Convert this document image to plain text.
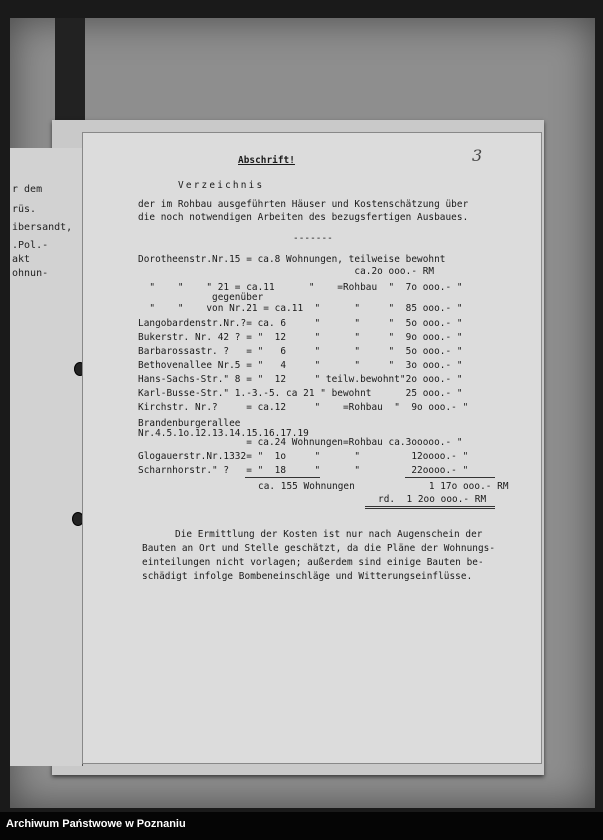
r dem
rüs.
ibersandt,
.Pol.-
akt
ohnun-
3
Abschrift!
Verzeichnis
der im Rohbau ausgeführten Häuser und Kostenschätzung über
die noch notwendigen Arbeiten des bezugsfertigen Ausbaues.
-------
Dorotheenstr.Nr.15 = ca.8 Wohnungen, teilweise bewohnt
ca.2o ooo.- RM
"    "    " 21 = ca.11      "    =Rohbau  "  7o ooo.- "
gegenüber
"    "    von Nr.21 = ca.11  "      "     "  85 ooo.- "
Langobardenstr.Nr.?= ca. 6     "      "     "  5o ooo.- "
Bukerstr. Nr. 42 ? = "  12     "      "     "  9o ooo.- "
Barbarossastr. ?   = "   6     "      "     "  5o ooo.- "
Bethovenallee Nr.5 = "   4     "      "     "  3o ooo.- "
Hans-Sachs-Str." 8 = "  12     " teilw.bewohnt"2o ooo.- "
Karl-Busse-Str." 1.-3.-5. ca 21 " bewohnt      25 ooo.- "
Kirchstr. Nr.?     = ca.12     "    =Rohbau  "  9o ooo.- "
Brandenburgerallee
Nr.4.5.1o.12.13.14.15.16.17.19
= ca.24 Wohnungen=Rohbau ca.3ooooo.- "
Glogauerstr.Nr.1332= "  1o     "      "         12oooo.- "
Scharnhorstr." ?   = "  18     "      "         22oooo.- "
ca. 155 Wohnungen             1 17o ooo.- RM
rd.  1 2oo ooo.- RM
Die Ermittlung der Kosten ist nur nach Augenschein der
Bauten an Ort und Stelle geschätzt, da die Pläne der Wohnungs-
einteilungen nicht vorlagen; außerdem sind einige Bauten be-
schädigt infolge Bombeneinschläge und Witterungseinflüsse.
Archiwum Państwowe w Poznaniu
